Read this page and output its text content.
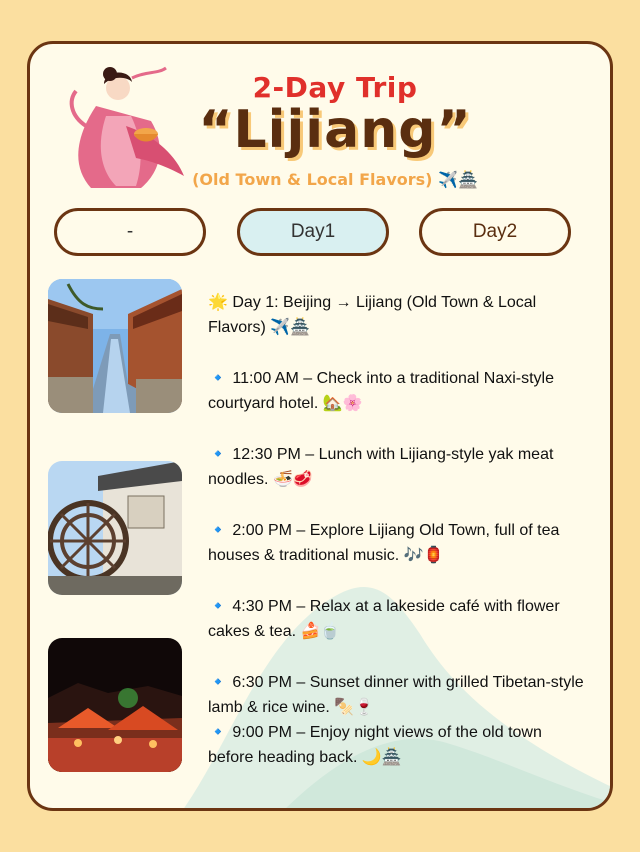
2-Day Trip
“Lijiang”
(Old Town & Local Flavors) ✈️🏯
-	Day1	Day2
🌟 Day 1: Beijing → Lijiang (Old Town & Local Flavors) ✈️🏯
🔹 11:00 AM – Check into a traditional Naxi-style courtyard hotel. 🏡🌸
🔹 12:30 PM – Lunch with Lijiang-style yak meat noodles. 🍜🥩
🔹 2:00 PM – Explore Lijiang Old Town, full of tea houses & traditional music. 🎶🏮
🔹 4:30 PM – Relax at a lakeside café with flower cakes & tea. 🍰🍵
🔹 6:30 PM – Sunset dinner with grilled Tibetan-style lamb & rice wine. 🍢🍷
🔹 9:00 PM – Enjoy night views of the old town before heading back. 🌙🏯
